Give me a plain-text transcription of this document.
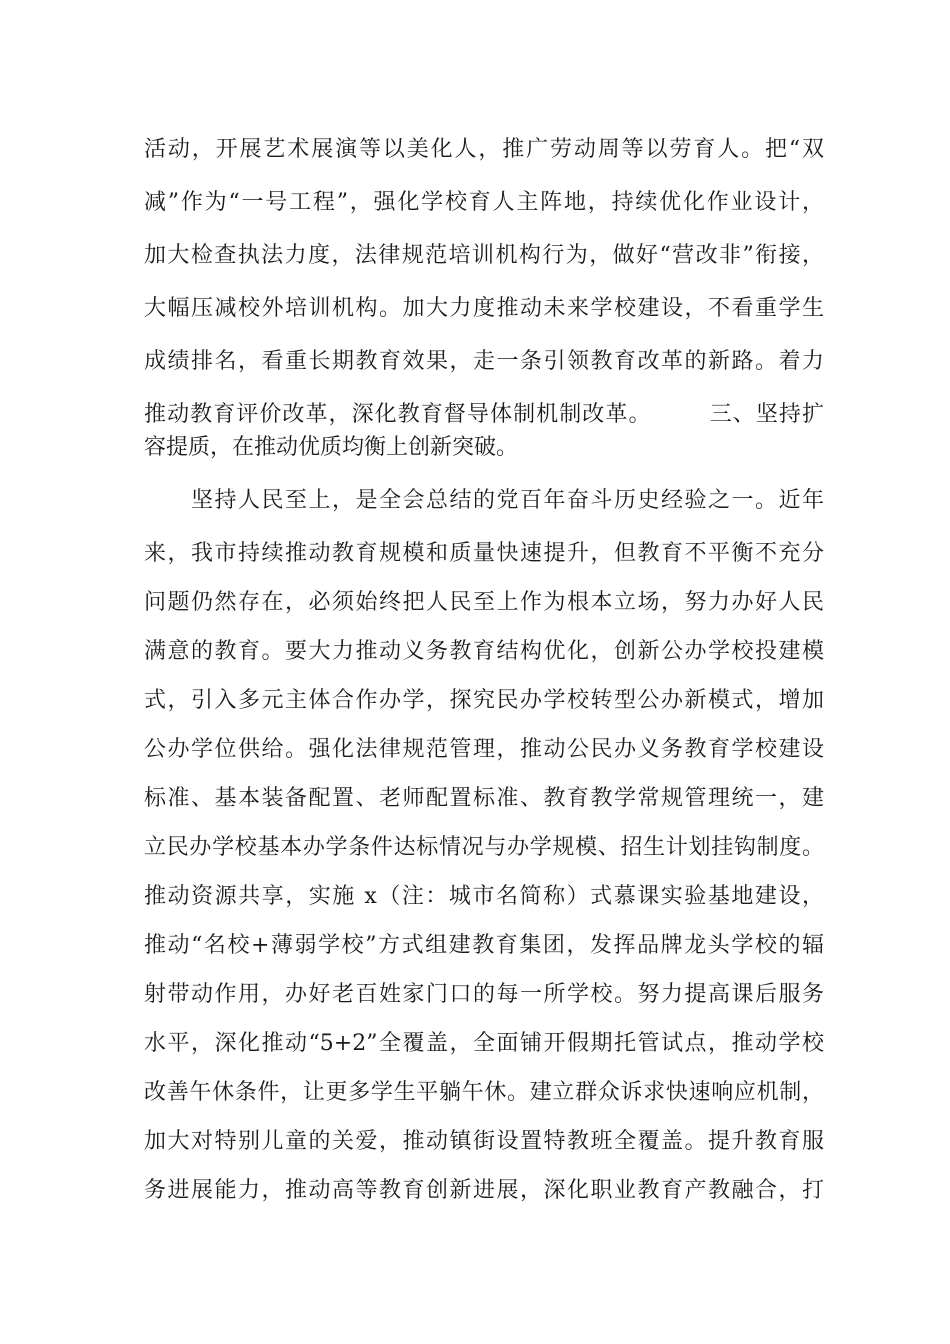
活动，开展艺术展演等以美化人，推广劳动周等以劳育人。把“双
减”作为“一号工程”，强化学校育人主阵地，持续优化作业设计，
加大检查执法力度，法律规范培训机构行为，做好“营改非”衔接，
大幅压减校外培训机构。加大力度推动未来学校建设，不看重学生
成绩排名，看重长期教育效果，走一条引领教育改革的新路。着力
推动教育评价改革，深化教育督导体制机制改革。　　　三、坚持扩
容提质，在推动优质均衡上创新突破。
　　坚持人民至上，是全会总结的党百年奋斗历史经验之一。近年
来，我市持续推动教育规模和质量快速提升，但教育不平衡不充分
问题仍然存在，必须始终把人民至上作为根本立场，努力办好人民
满意的教育。要大力推动义务教育结构优化，创新公办学校投建模
式，引入多元主体合作办学，探究民办学校转型公办新模式，增加
公办学位供给。强化法律规范管理，推动公民办义务教育学校建设
标准、基本装备配置、老师配置标准、教育教学常规管理统一，建
立民办学校基本办学条件达标情况与办学规模、招生计划挂钩制度。
推动资源共享，实施 x（注：城市名简称）式慕课实验基地建设，
推动“名校+薄弱学校”方式组建教育集团，发挥品牌龙头学校的辐
射带动作用，办好老百姓家门口的每一所学校。努力提高课后服务
水平，深化推动“5+2”全覆盖，全面铺开假期托管试点，推动学校
改善午休条件，让更多学生平躺午休。建立群众诉求快速响应机制，
加大对特别儿童的关爱，推动镇街设置特教班全覆盖。提升教育服
务进展能力，推动高等教育创新进展，深化职业教育产教融合，打
